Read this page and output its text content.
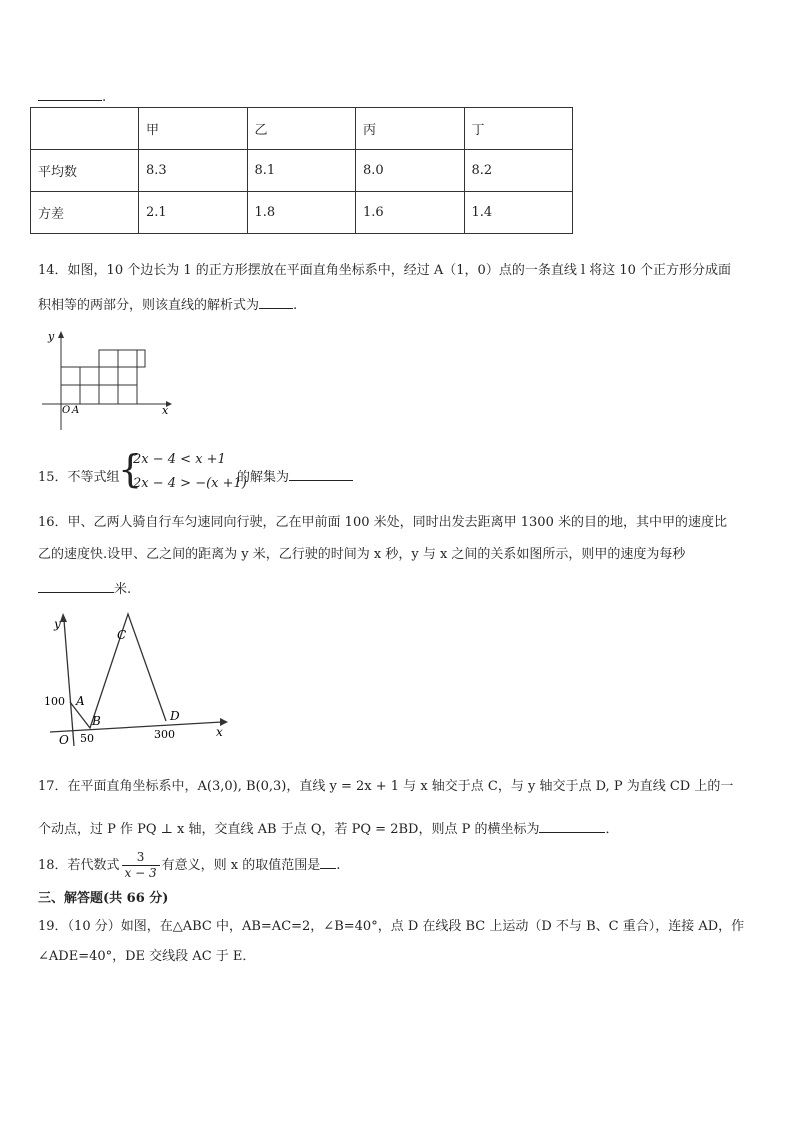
.
	甲	乙	丙	丁
平均数	8.3	8.1	8.0	8.2
方差	2.1	1.8	1.6	1.4
14．如图，10 个边长为 1 的正方形摆放在平面直角坐标系中，经过 A（1，0）点的一条直线 l 将这 10 个正方形分成面
积相等的两部分，则该直线的解析式为	.
y
x
O A
15．不等式组
{
2x − 4 < x +1
2x − 4 > −(x +1)
的解集为
16．甲、乙两人骑自行车匀速同向行驶，乙在甲前面 100 米处，同时出发去距离甲 1300 米的目的地，其中甲的速度比
乙的速度快.设甲、乙之间的距离为 y 米，乙行驶的时间为 x 秒，y 与 x 之间的关系如图所示，则甲的速度为每秒
米.
y
x
O
A
B
C
D
100
50	300
17．在平面直角坐标系中，A(3,0), B(0,3)，直线 y = 2x + 1 与 x 轴交于点 C，与 y 轴交于点 D, P 为直线 CD 上的一
个动点，过 P 作 PQ ⊥ x 轴，交直线 AB 于点 Q，若 PQ = 2BD，则点 P 的横坐标为	．
18．若代数式 $\frac{3}{x - 3}$ 有意义，则 x 的取值范围是 .
三、解答题(共 66 分)
19．（10 分）如图，在△ABC 中，AB=AC=2，∠B=40°，点 D 在线段 BC 上运动（D 不与 B、C 重合），连接 AD，作
∠ADE=40°，DE 交线段 AC 于 E．
